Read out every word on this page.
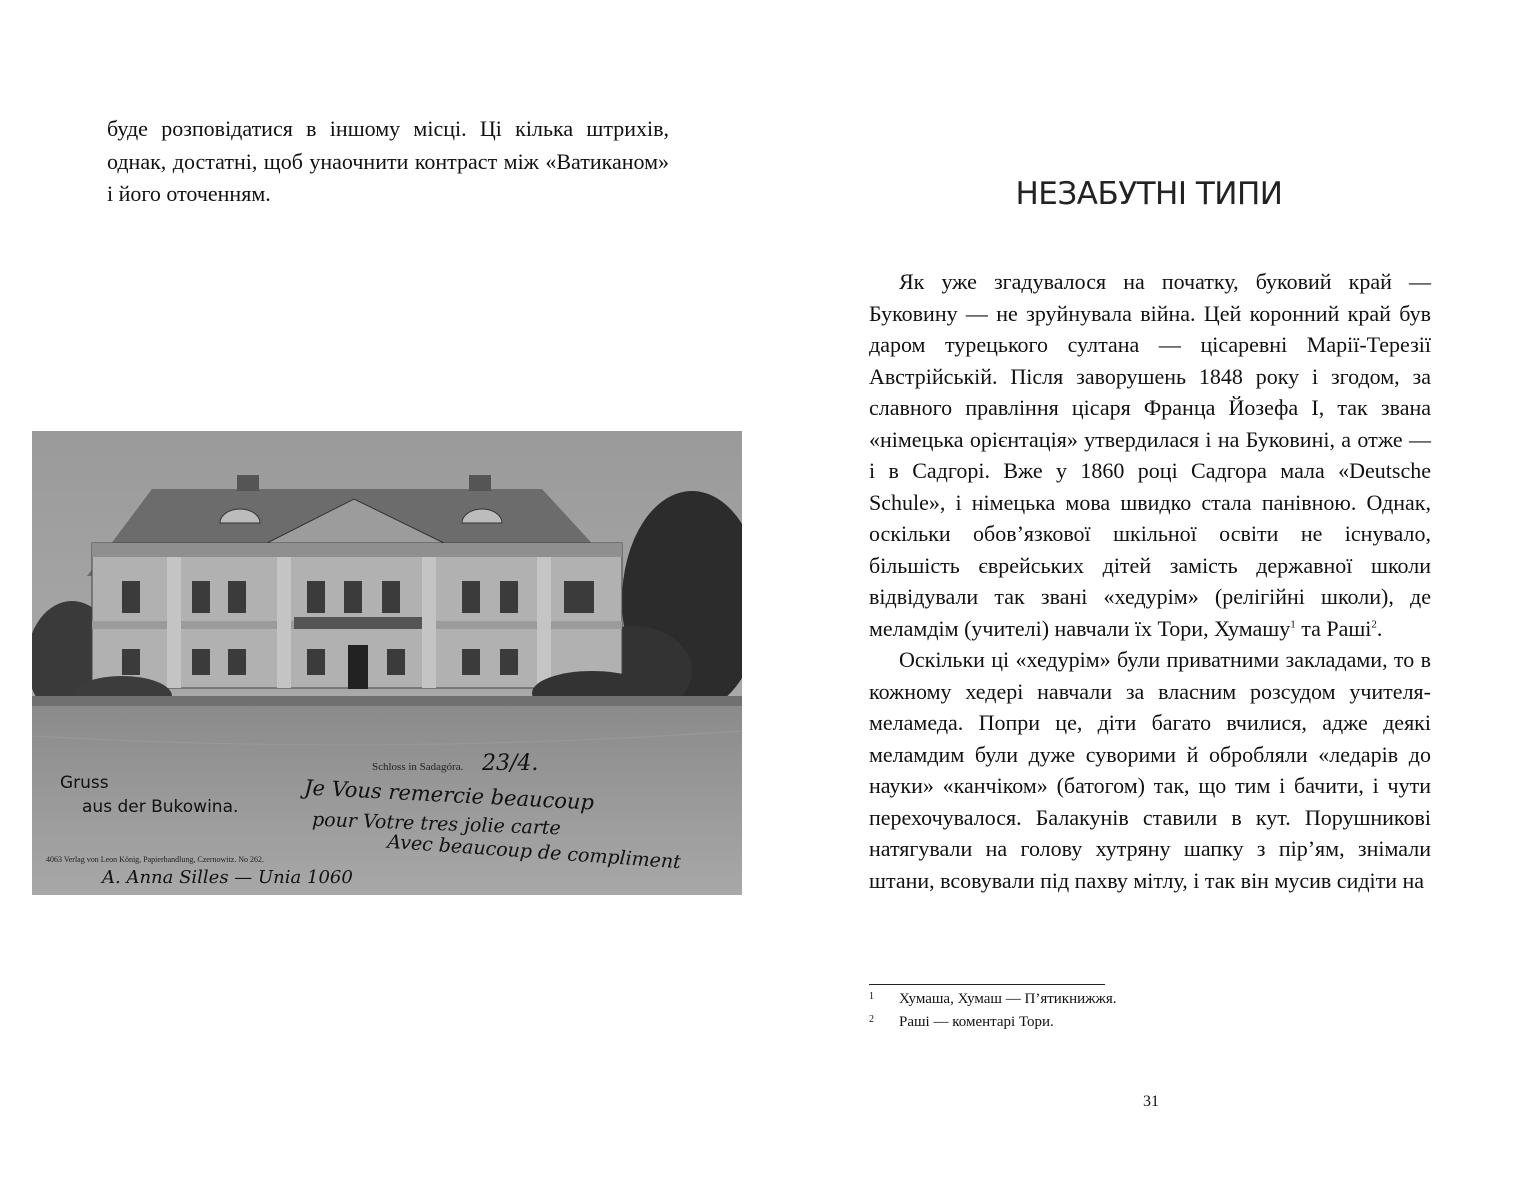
буде розповідатися в іншому місці. Ці кілька штрихів, однак, достатні, щоб унаочнити контраст між «Ватиканом» і його оточенням.
Schloss in Sadagóra.
Gruss
aus der Bukowina.
4063 Verlag von Leon König, Papierhandlung, Czernowitz. No 262.
23/4.
Je Vous remercie beaucoup
pour Votre tres jolie carte
Avec beaucoup de compliment
A. Anna Silles — Unia 1060
НЕЗАБУТНІ ТИПИ

Як уже згадувалося на початку, буковий край — Буковину — не зруйнувала війна. Цей коронний край був даром турецького султана — цісаревні Марії-Терезії Австрійській. Після заворушень 1848 року і згодом, за славного правління цісаря Франца Йозефа I, так звана «німецька орієнтація» утвердилася і на Буковині, а отже — і в Садгорі. Вже у 1860 році Садгора мала «Deutsche Schule», і німецька мова швидко стала панівною. Однак, оскільки обов’язкової шкільної освіти не існувало, більшість єврейських дітей замість державної школи відвідували так звані «хедурім» (релігійні школи), де меламдім (учителі) навчали їх Тори, Хумашу$^1$ та Раші$^2$.

Оскільки ці «хедурім» були приватними закладами, то в кожному хедері навчали за власним розсудом учителя-меламеда. Попри це, діти багато вчилися, адже деякі меламдим були дуже суворими й обробляли «ледарів до науки» «канчіком» (батогом) так, що тим і бачити, і чути перехочувалося. Балакунів ставили в кут. Порушникові натягували на голову хутряну шапку з пір’ям, знімали штани, всовували під пахву мітлу, і так він мусив сидіти на

1 Хумаша, Хумаш — П’ятикнижжя.
2 Раші — коментарі Тори.
31
